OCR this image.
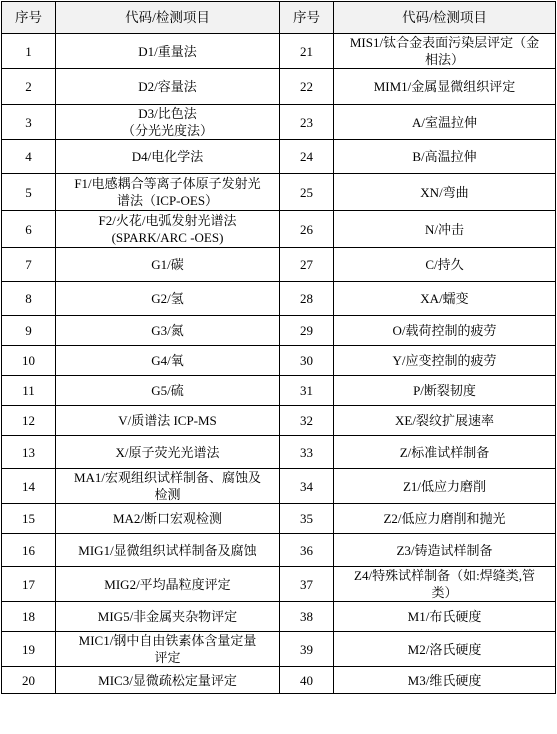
序号	代码/检测项目	序号	代码/检测项目
1	D1/重量法	21	MIS1/钛合金表面污染层评定（金
相法）
2	D2/容量法	22	MIM1/金属显微组织评定
3	D3/比色法
（分光光度法）	23	A/室温拉伸
4	D4/电化学法	24	B/高温拉伸
5	F1/电感耦合等离子体原子发射光
谱法（ICP-OES）	25	XN/弯曲
6	F2/火花/电弧发射光谱法
(SPARK/ARC -OES)	26	N/冲击
7	G1/碳	27	C/持久
8	G2/氢	28	XA/蠕变
9	G3/氮	29	O/载荷控制的疲劳
10	G4/氧	30	Y/应变控制的疲劳
11	G5/硫	31	P/断裂韧度
12	V/质谱法 ICP-MS	32	XE/裂纹扩展速率
13	X/原子荧光光谱法	33	Z/标准试样制备
14	MA1/宏观组织试样制备、腐蚀及
检测	34	Z1/低应力磨削
15	MA2/断口宏观检测	35	Z2/低应力磨削和抛光
16	MIG1/显微组织试样制备及腐蚀	36	Z3/铸造试样制备
17	MIG2/平均晶粒度评定	37	Z4/特殊试样制备（如:焊缝类,管
类）
18	MIG5/非金属夹杂物评定	38	M1/布氏硬度
19	MIC1/钢中自由铁素体含量定量
评定	39	M2/洛氏硬度
20	MIC3/显微疏松定量评定	40	M3/维氏硬度
